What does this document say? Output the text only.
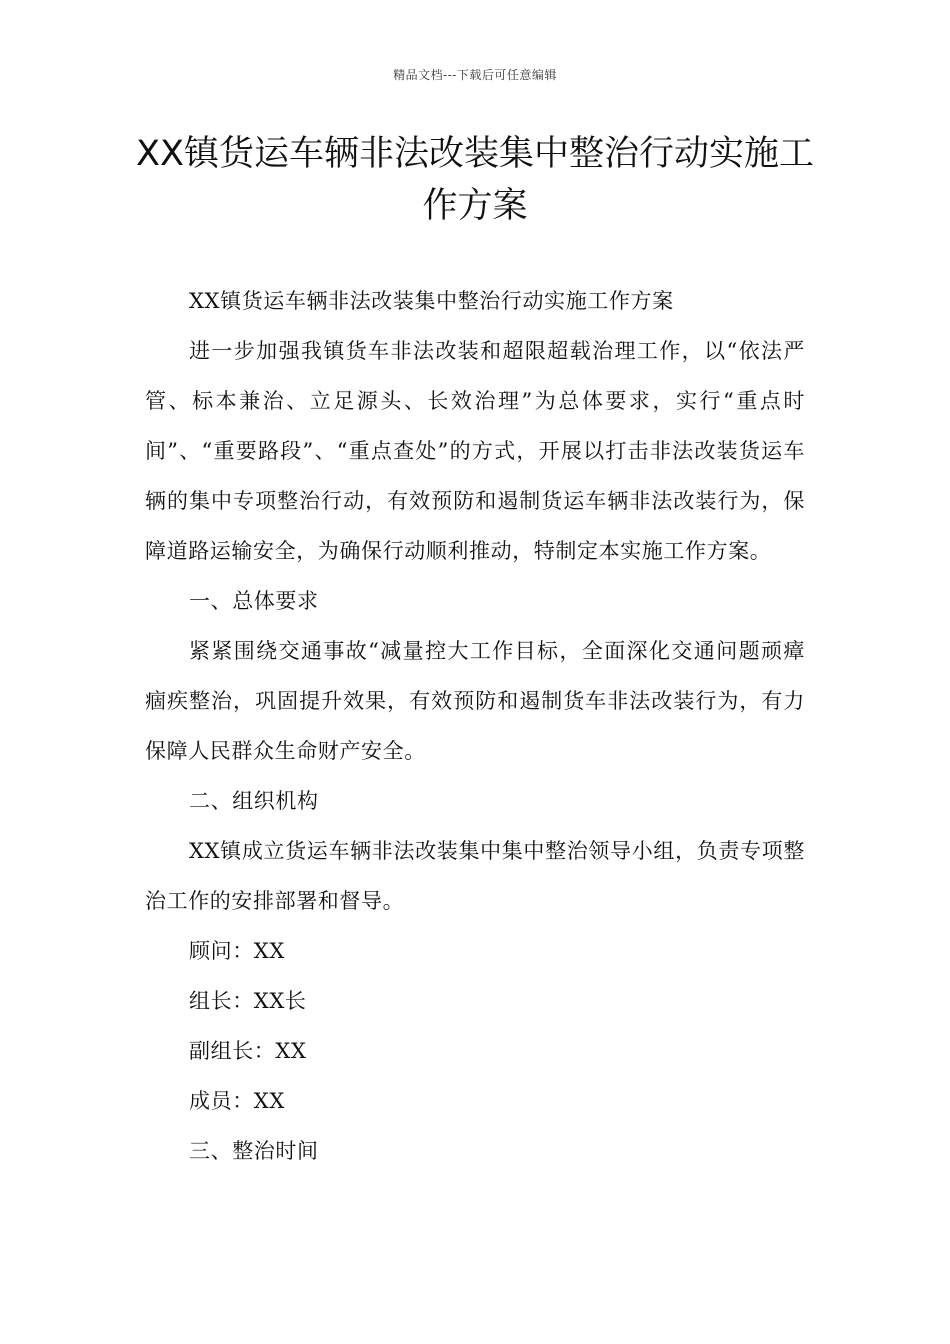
精品文档---下载后可任意编辑
XX镇货运车辆非法改装集中整治行动实施工作方案

XX镇货运车辆非法改装集中整治行动实施工作方案

进一步加强我镇货车非法改装和超限超载治理工作，以“依法严管、标本兼治、立足源头、长效治理”为总体要求，实行“重点时间”、“重要路段”、“重点查处”的方式，开展以打击非法改装货运车辆的集中专项整治行动，有效预防和遏制货运车辆非法改装行为，保障道路运输安全，为确保行动顺利推动，特制定本实施工作方案。

一、总体要求

紧紧围绕交通事故“减量控大工作目标，全面深化交通问题顽瘴痼疾整治，巩固提升效果，有效预防和遏制货车非法改装行为，有力保障人民群众生命财产安全。

二、组织机构

XX镇成立货运车辆非法改装集中集中整治领导小组，负责专项整治工作的安排部署和督导。

顾问：XX

组长：XX长

副组长：XX

成员：XX

三、整治时间
